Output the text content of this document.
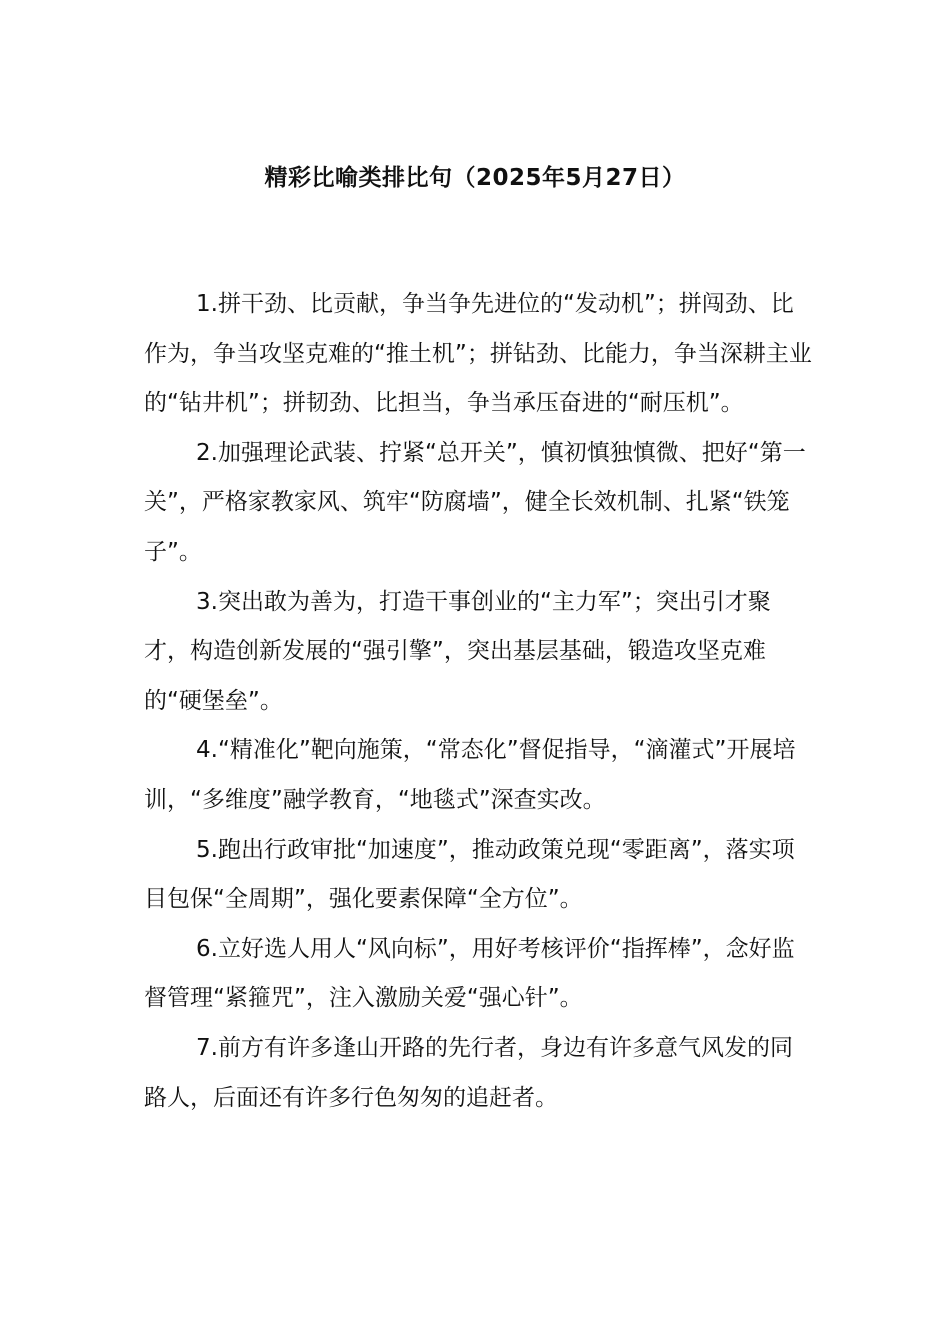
精彩比喻类排比句（2025年5月27日）

1.拼干劲、比贡献，争当争先进位的“发动机”；拼闯劲、比作为，争当攻坚克难的“推土机”；拼钻劲、比能力，争当深耕主业的“钻井机”；拼韧劲、比担当，争当承压奋进的“耐压机”。

2.加强理论武装、拧紧“总开关”，慎初慎独慎微、把好“第一关”，严格家教家风、筑牢“防腐墙”，健全长效机制、扎紧“铁笼子”。

3.突出敢为善为，打造干事创业的“主力军”；突出引才聚才，构造创新发展的“强引擎”，突出基层基础，锻造攻坚克难的“硬堡垒”。

4.“精准化”靶向施策，“常态化”督促指导，“滴灌式”开展培训，“多维度”融学教育，“地毯式”深查实改。

5.跑出行政审批“加速度”，推动政策兑现“零距离”，落实项目包保“全周期”，强化要素保障“全方位”。

6.立好选人用人“风向标”，用好考核评价“指挥棒”，念好监督管理“紧箍咒”，注入激励关爱“强心针”。

7.前方有许多逢山开路的先行者，身边有许多意气风发的同路人，后面还有许多行色匆匆的追赶者。
